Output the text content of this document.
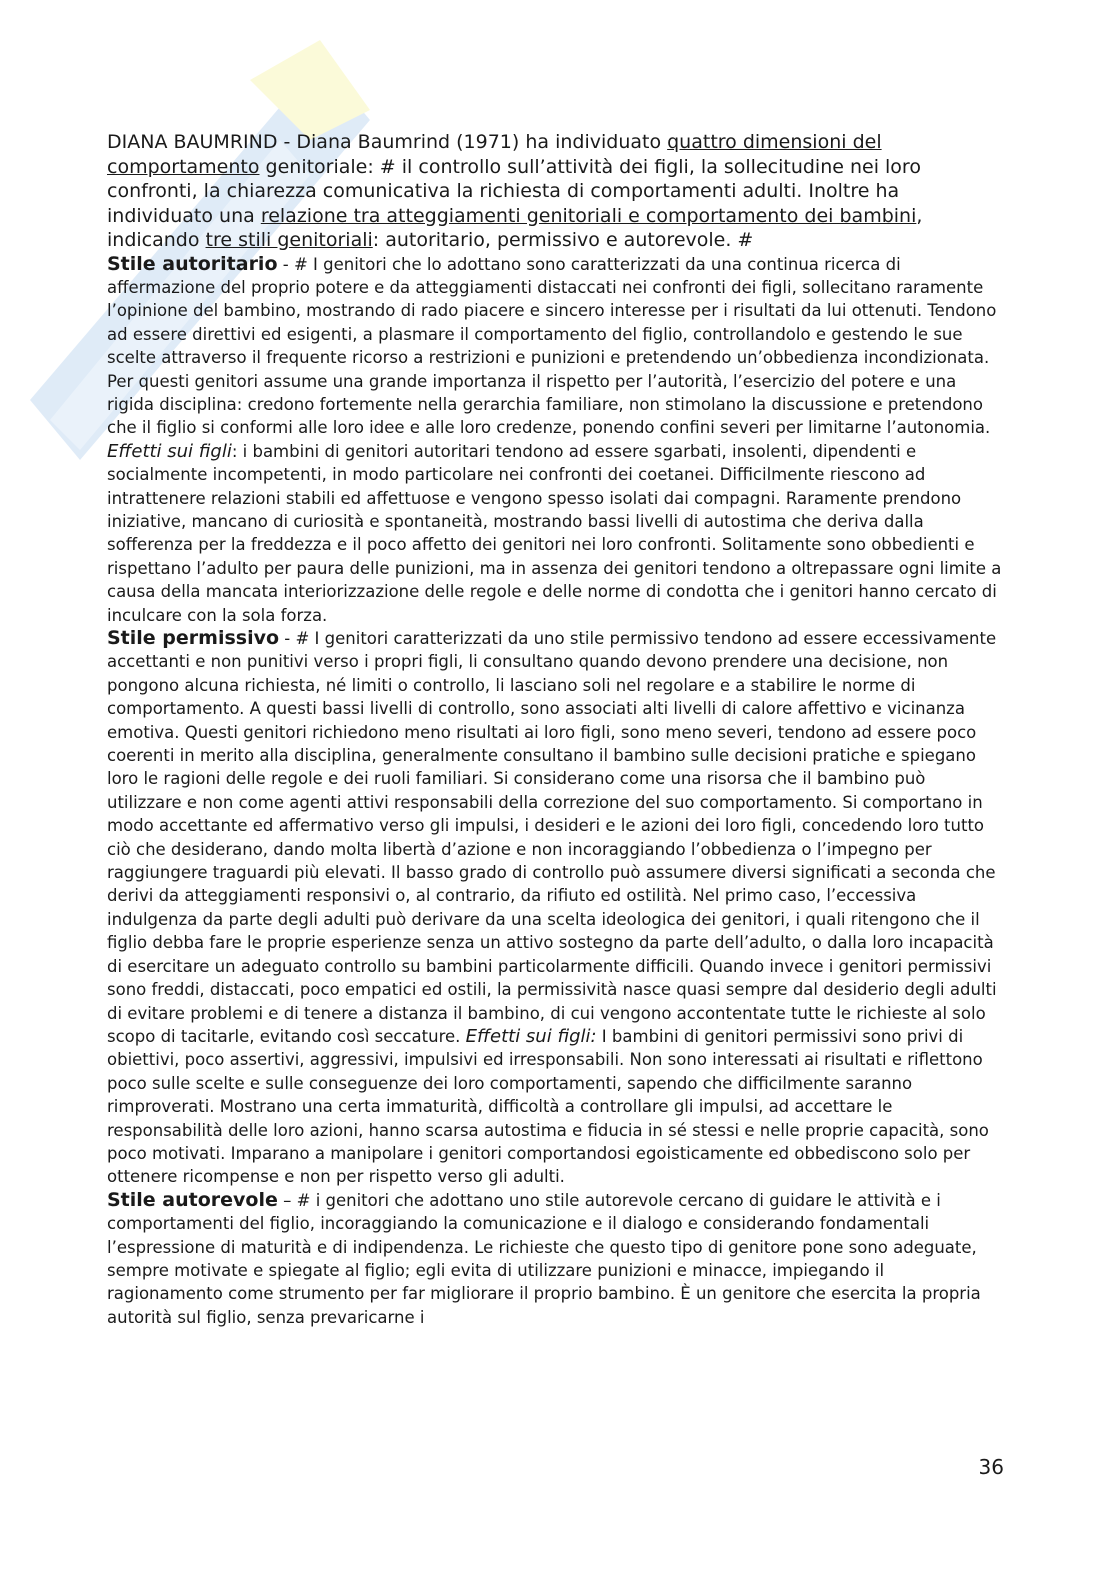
DIANA BAUMRIND - Diana Baumrind (1971) ha individuato quattro dimensioni del comportamento genitoriale: # il controllo sull’attività dei figli, la sollecitudine nei loro confronti, la chiarezza comunicativa la richiesta di comportamenti adulti. Inoltre ha individuato una relazione tra atteggiamenti genitoriali e comportamento dei bambini, indicando tre stili genitoriali: autoritario, permissivo e autorevole. #

Stile autoritario - # I genitori che lo adottano sono caratterizzati da una continua ricerca di affermazione del proprio potere e da atteggiamenti distaccati nei confronti dei figli, sollecitano raramente l’opinione del bambino, mostrando di rado piacere e sincero interesse per i risultati da lui ottenuti. Tendono ad essere direttivi ed esigenti, a plasmare il comportamento del figlio, controllandolo e gestendo le sue scelte attraverso il frequente ricorso a restrizioni e punizioni e pretendendo un’obbedienza incondizionata. Per questi genitori assume una grande importanza il rispetto per l’autorità, l’esercizio del potere e una rigida disciplina: credono fortemente nella gerarchia familiare, non stimolano la discussione e pretendono che il figlio si conformi alle loro idee e alle loro credenze, ponendo confini severi per limitarne l’autonomia. Effetti sui figli: i bambini di genitori autoritari tendono ad essere sgarbati, insolenti, dipendenti e socialmente incompetenti, in modo particolare nei confronti dei coetanei. Difficilmente riescono ad intrattenere relazioni stabili ed affettuose e vengono spesso isolati dai compagni. Raramente prendono iniziative, mancano di curiosità e spontaneità, mostrando bassi livelli di autostima che deriva dalla sofferenza per la freddezza e il poco affetto dei genitori nei loro confronti. Solitamente sono obbedienti e rispettano l’adulto per paura delle punizioni, ma in assenza dei genitori tendono a oltrepassare ogni limite a causa della mancata interiorizzazione delle regole e delle norme di condotta che i genitori hanno cercato di inculcare con la sola forza.

Stile permissivo - # I genitori caratterizzati da uno stile permissivo tendono ad essere eccessivamente accettanti e non punitivi verso i propri figli, li consultano quando devono prendere una decisione, non pongono alcuna richiesta, né limiti o controllo, li lasciano soli nel regolare e a stabilire le norme di comportamento. A questi bassi livelli di controllo, sono associati alti livelli di calore affettivo e vicinanza emotiva. Questi genitori richiedono meno risultati ai loro figli, sono meno severi, tendono ad essere poco coerenti in merito alla disciplina, generalmente consultano il bambino sulle decisioni pratiche e spiegano loro le ragioni delle regole e dei ruoli familiari. Si considerano come una risorsa che il bambino può utilizzare e non come agenti attivi responsabili della correzione del suo comportamento. Si comportano in modo accettante ed affermativo verso gli impulsi, i desideri e le azioni dei loro figli, concedendo loro tutto ciò che desiderano, dando molta libertà d’azione e non incoraggiando l’obbedienza o l’impegno per raggiungere traguardi più elevati. Il basso grado di controllo può assumere diversi significati a seconda che derivi da atteggiamenti responsivi o, al contrario, da rifiuto ed ostilità. Nel primo caso, l’eccessiva indulgenza da parte degli adulti può derivare da una scelta ideologica dei genitori, i quali ritengono che il figlio debba fare le proprie esperienze senza un attivo sostegno da parte dell’adulto, o dalla loro incapacità di esercitare un adeguato controllo su bambini particolarmente difficili. Quando invece i genitori permissivi sono freddi, distaccati, poco empatici ed ostili, la permissività nasce quasi sempre dal desiderio degli adulti di evitare problemi e di tenere a distanza il bambino, di cui vengono accontentate tutte le richieste al solo scopo di tacitarle, evitando così seccature. Effetti sui figli: I bambini di genitori permissivi sono privi di obiettivi, poco assertivi, aggressivi, impulsivi ed irresponsabili. Non sono interessati ai risultati e riflettono poco sulle scelte e sulle conseguenze dei loro comportamenti, sapendo che difficilmente saranno rimproverati. Mostrano una certa immaturità, difficoltà a controllare gli impulsi, ad accettare le responsabilità delle loro azioni, hanno scarsa autostima e fiducia in sé stessi e nelle proprie capacità, sono poco motivati. Imparano a manipolare i genitori comportandosi egoisticamente ed obbediscono solo per ottenere ricompense e non per rispetto verso gli adulti.

Stile autorevole – # i genitori che adottano uno stile autorevole cercano di guidare le attività e i comportamenti del figlio, incoraggiando la comunicazione e il dialogo e considerando fondamentali l’espressione di maturità e di indipendenza. Le richieste che questo tipo di genitore pone sono adeguate, sempre motivate e spiegate al figlio; egli evita di utilizzare punizioni e minacce, impiegando il ragionamento come strumento per far migliorare il proprio bambino. È un genitore che esercita la propria autorità sul figlio, senza prevaricarne i

36
